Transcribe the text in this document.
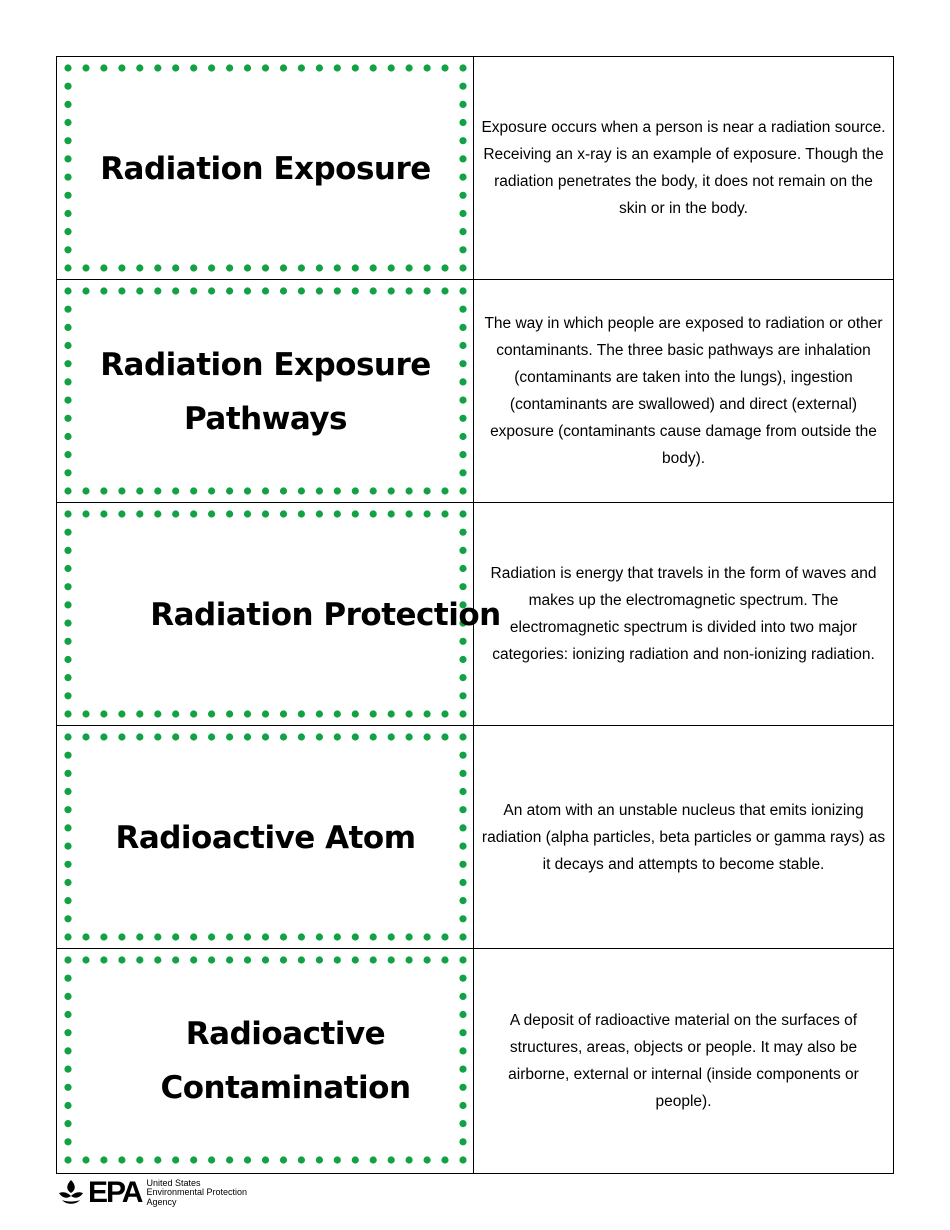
Radiation Exposure
Exposure occurs when a person is near a radiation source. Receiving an x-ray is an example of exposure. Though the radiation penetrates the body, it does not remain on the skin or in the body.
Radiation Exposure Pathways
The way in which people are exposed to radiation or other contaminants. The three basic pathways are inhalation (contaminants are taken into the lungs), ingestion (contaminants are swallowed) and direct (external) exposure (contaminants cause damage from outside the body).
Radiation Protection
Radiation is energy that travels in the form of waves and makes up the electromagnetic spectrum. The electromagnetic spectrum is divided into two major categories: ionizing radiation and non-ionizing radiation.
Radioactive Atom
An atom with an unstable nucleus that emits ionizing radiation (alpha particles, beta particles or gamma rays) as it decays and attempts to become stable.
Radioactive Contamination
A deposit of radioactive material on the surfaces of structures, areas, objects or people. It may also be airborne, external or internal (inside components or people).
EPA United States
Environmental Protection
Agency
